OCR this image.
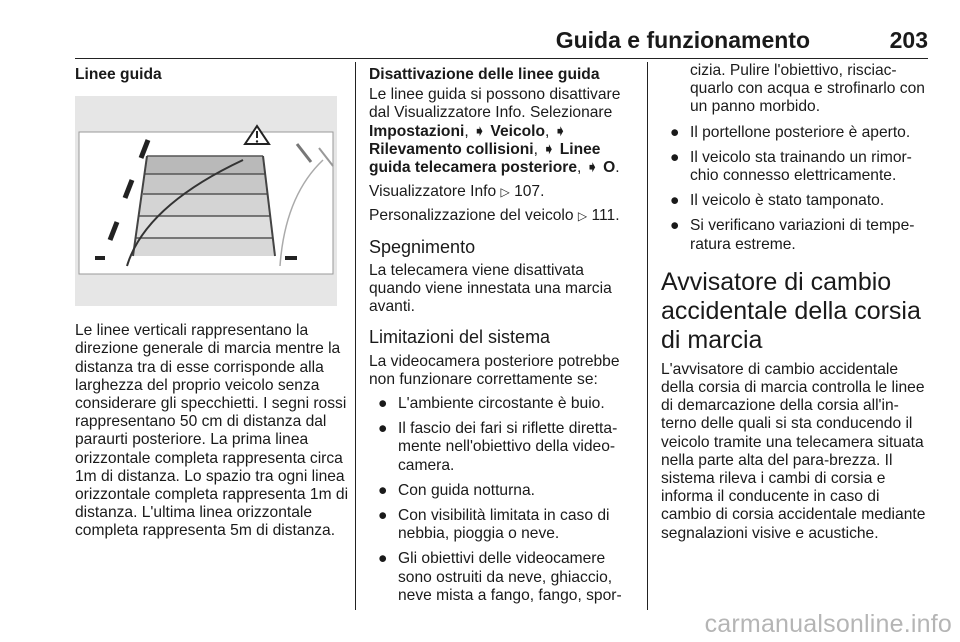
Guida e funzionamento	203
Linee guida

Le linee verticali rappresentano la direzione generale di marcia mentre la distanza tra di esse corrisponde alla larghezza del proprio veicolo senza considerare gli specchietti. I segni rossi rappresentano 50 cm di distanza dal paraurti posteriore. La prima linea orizzontale completa rappresenta circa 1m di distanza. Lo spazio tra ogni linea orizzontale completa rappresenta 1m di distanza. L'ultima linea orizzontale completa rappresenta 5m di distanza.

Disattivazione delle linee guida

Le linee guida si possono disattivare dal Visualizzatore Info. Selezionare Impostazioni, ➧ Veicolo, ➧ Rilevamento collisioni, ➧ Linee guida telecamera posteriore, ➧ O.

Visualizzatore Info ▷ 107.

Personalizzazione del veicolo ▷ 111.

Spegnimento

La telecamera viene disattivata quando viene innestata una marcia avanti.

Limitazioni del sistema

La videocamera posteriore potrebbe non funzionare correttamente se:

● L'ambiente circostante è buio.
● Il fascio dei fari si riflette diretta-mente nell'obiettivo della video-camera.
● Con guida notturna.
● Con visibilità limitata in caso di nebbia, pioggia o neve.
● Gli obiettivi delle videocamere sono ostruiti da neve, ghiaccio, neve mista a fango, fango, spor-
cizia. Pulire l'obiettivo, risciac-quarlo con acqua e strofinarlo con un panno morbido.
● Il portellone posteriore è aperto.
● Il veicolo sta trainando un rimor-chio connesso elettricamente.
● Il veicolo è stato tamponato.
● Si verificano variazioni di tempe-ratura estreme.
Avvisatore di cambio accidentale della corsia di marcia

L'avvisatore di cambio accidentale della corsia di marcia controlla le linee di demarcazione della corsia all'in-terno delle quali si sta conducendo il veicolo tramite una telecamera situata nella parte alta del para-brezza. Il sistema rileva i cambi di corsia e informa il conducente in caso di cambio di corsia accidentale mediante segnalazioni visive e acustiche.

carmanualsonline.info
